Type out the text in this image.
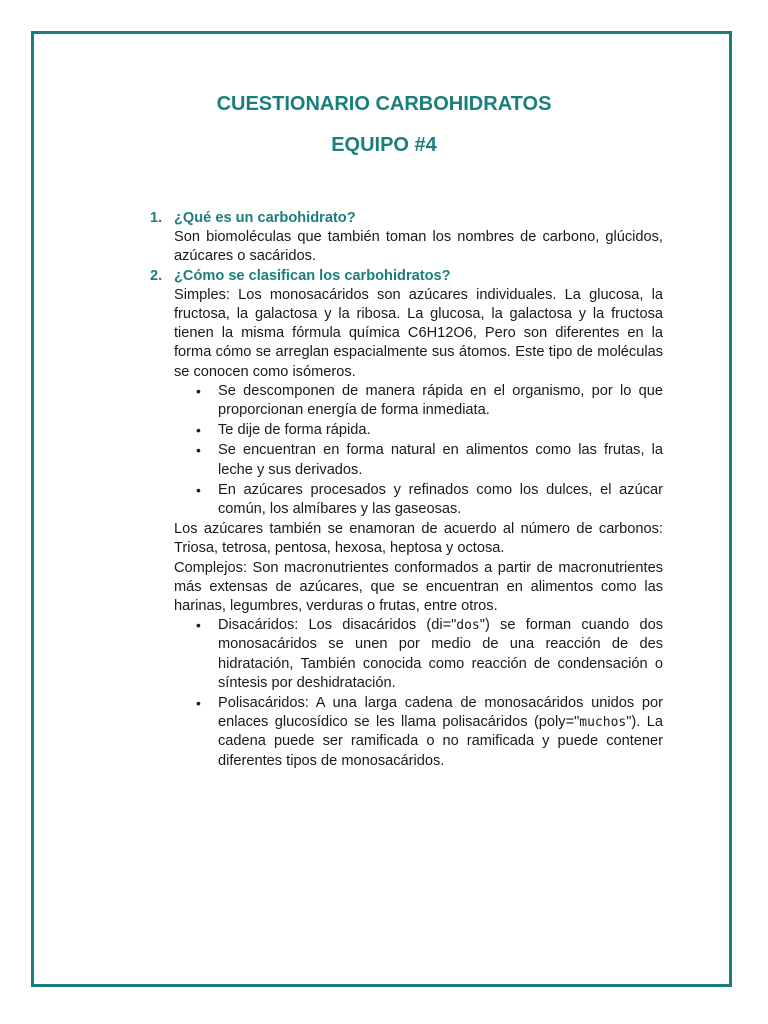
CUESTIONARIO CARBOHIDRATOS
EQUIPO #4
1. ¿Qué es un carbohidrato?
Son biomoléculas que también toman los nombres de carbono, glúcidos, azúcares o sacáridos.
2. ¿Cómo se clasifican los carbohidratos?
Simples: Los monosacáridos son azúcares individuales. La glucosa, la fructosa, la galactosa y la ribosa. La glucosa, la galactosa y la fructosa tienen la misma fórmula química C6H12O6, Pero son diferentes en la forma cómo se arreglan espacialmente sus átomos. Este tipo de moléculas se conocen como isómeros.
• Se descomponen de manera rápida en el organismo, por lo que proporcionan energía de forma inmediata.
• Te dije de forma rápida.
• Se encuentran en forma natural en alimentos como las frutas, la leche y sus derivados.
• En azúcares procesados y refinados como los dulces, el azúcar común, los almíbares y las gaseosas.
Los azúcares también se enamoran de acuerdo al número de carbonos: Triosa, tetrosa, pentosa, hexosa, heptosa y octosa.
Complejos: Son macronutrientes conformados a partir de macronutrientes más extensas de azúcares, que se encuentran en alimentos como las harinas, legumbres, verduras o frutas, entre otros.
• Disacáridos: Los disacáridos (di="dos") se forman cuando dos monosacáridos se unen por medio de una reacción de des hidratación, También conocida como reacción de condensación o síntesis por deshidratación.
• Polisacáridos: A una larga cadena de monosacáridos unidos por enlaces glucosídico se les llama polisacáridos (poly="muchos"). La cadena puede ser ramificada o no ramificada y puede contener diferentes tipos de monosacáridos.
